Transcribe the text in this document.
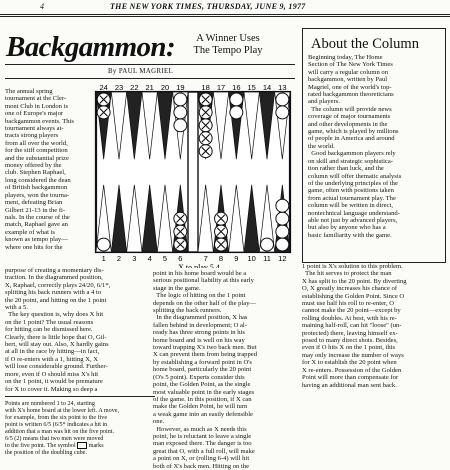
4	THE NEW YORK TIMES, THURSDAY, JUNE 9, 1977
Backgammon:	A Winner Uses
The Tempo Play
By PAUL MAGRIEL
The annual spring
tournament at the Cler-
mont Club in London is
one of Europe's major
backgammon events. This
tournament always at-
tracts strong players
from all over the world,
for the stiff competition
and the substantial prize
money offered by the
club. Stephen Raphael,
long considered the dean
of British backgammon
players, won the tourna-
ment, defeating Brian
Gilbert 21-13 in the fi-
nals. In the course of the
match, Raphael gave an
example of what is
known as tempo play—
where one hits for the
24 23 22 21 20 19 18 17 16 15 14 13
1 2 3 4 5 6	7 8 9 10 11 12
X to play 5,4
Points are numbered 1 to 24, starting
with X's home board at the lower left. A move,
for example, from the six point to the five
point is written 6/5 (6/5* indicates a hit in
addition that a man was hit on the five point.
6/5 (2) means that two men were moved
to the five point. The symbol marks
the position of the doubling cube.
purpose of creating a momentary dis-
traction. In the diagrammed position,
X, Raphael, correctly plays 24/20, 6/1*,
splitting his back runners with a 4 to
the 20 point, and hitting on the 1 point
with a 5.
The key question is, why does X hit
on the 1 point? The usual reasons
for hitting can be dismissed here.
Clearly, there is little hope that O, Gil-
bert, will stay out. Also, X hardly gains
at all in the race by hitting—in fact,
if O re-enters with a 1, hitting X, X
will lose considerable ground. Further-
more, even if O should miss X's hit
on the 1 point, it would be premature
for X to cover it. Making so deep a
point in his home board would be a
serious positional liability at this early
stage in the game.
The logic of hitting on the 1 point
depends on the other half of the play—
splitting the back runners.
In the diagrammed position, X has
fallen behind in development; O al-
ready has three strong points in his
home board and is well on his way
toward trapping X's two back men. But
X can prevent them from being trapped
by establishing a forward point in O's
home board, particularly the 20 point
(O's 5 point). Experts consider this
point, the Golden Point, as the single
most valuable point in the early stages
of the game. In this position, if X can
make the Golden Point, he will turn
a weak game into an easily defensible
one.
However, as much as X needs this
point, he is reluctant to leave a single
man exposed there. The danger is too
great that O, with a full roll, will make
a point on X, or (rolling 6-4) will hit
both of X's back men. Hitting on the
1 point is X's solution to this problem.
The hit serves to protect the man
X has split to the 20 point. By diverting
O, X greatly increases his chance of
establishing the Golden Point. Since O
must use half his roll to re-enter, O
cannot make the 20 point—except by
rolling doubles. At best, with his re-
maining half-roll, can hit "loose" (un-
protected) there, leaving himself ex-
posed to many direct shots. Besides,
even if O hits X on the 1 point, this
may only increase the number of ways
for X to establish the 20 point when
X re-enters. Possession of the Golden
Point will more than compensate for
having an additional man sent back.
About the Column
Beginning today, The Home
Section of The New York Times
will carry a regular column on
backgammon, written by Paul
Magriel, one of the world's top-
rated backgammon theoreticians
and players.
The column will provide news
coverage of major tournaments
and other developments in the
game, which is played by millions
of people in America and around
the world.
Good backgammon players rely
on skill and strategic sophistica-
tion rather than luck, and the
column will offer thematic analysis
of the underlying principles of the
game, often with positions taken
from actual tournament play. The
column will be written in direct,
nontechnical language understand-
able not just by advanced players,
but also by anyone who has a
basic familiarity with the game.
